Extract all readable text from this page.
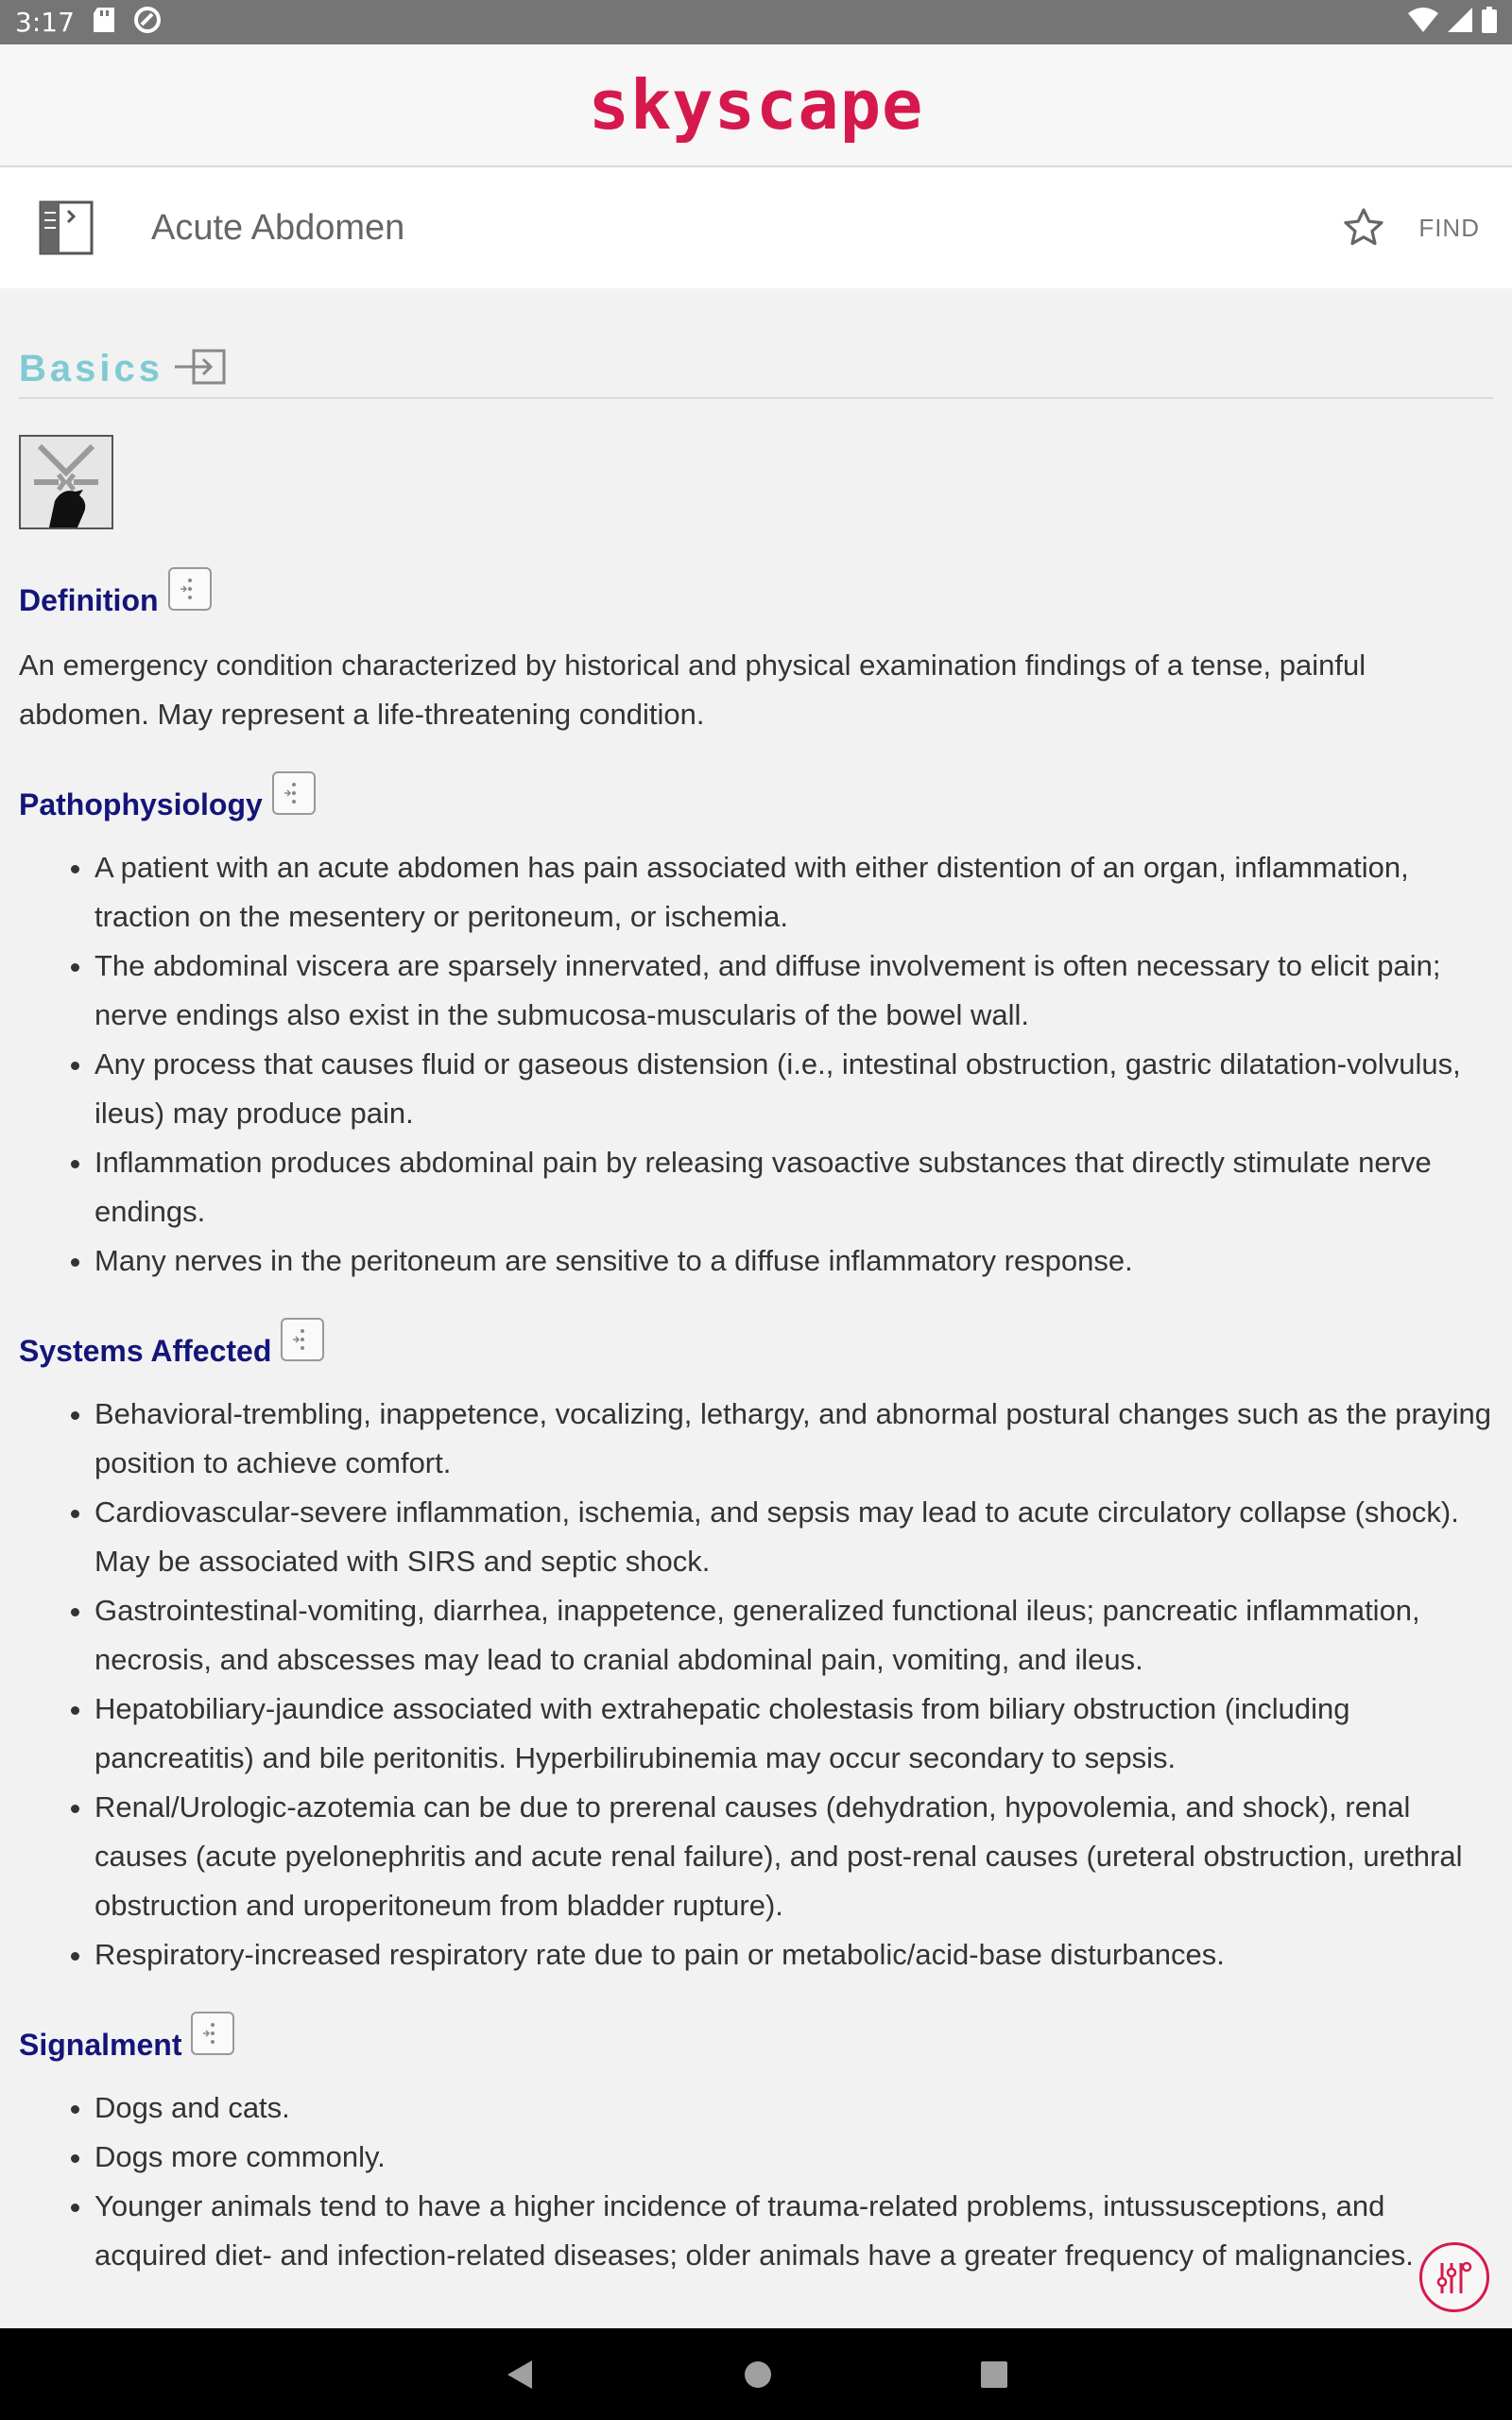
3:17
skyscape
Acute Abdomen	FIND
Basics
Definition

An emergency condition characterized by historical and physical examination findings of a tense, painful abdomen. May represent a life-threatening condition.

Pathophysiology
• A patient with an acute abdomen has pain associated with either distention of an organ, inflammation, traction on the mesentery or peritoneum, or ischemia.
• The abdominal viscera are sparsely innervated, and diffuse involvement is often necessary to elicit pain; nerve endings also exist in the submucosa-muscularis of the bowel wall.
• Any process that causes fluid or gaseous distension (i.e., intestinal obstruction, gastric dilatation-volvulus, ileus) may produce pain.
• Inflammation produces abdominal pain by releasing vasoactive substances that directly stimulate nerve endings.
• Many nerves in the peritoneum are sensitive to a diffuse inflammatory response.
Systems Affected
• Behavioral-trembling, inappetence, vocalizing, lethargy, and abnormal postural changes such as the praying position to achieve comfort.
• Cardiovascular-severe inflammation, ischemia, and sepsis may lead to acute circulatory collapse (shock). May be associated with SIRS and septic shock.
• Gastrointestinal-vomiting, diarrhea, inappetence, generalized functional ileus; pancreatic inflammation, necrosis, and abscesses may lead to cranial abdominal pain, vomiting, and ileus.
• Hepatobiliary-jaundice associated with extrahepatic cholestasis from biliary obstruction (including pancreatitis) and bile peritonitis. Hyperbilirubinemia may occur secondary to sepsis.
• Renal/Urologic-azotemia can be due to prerenal causes (dehydration, hypovolemia, and shock), renal causes (acute pyelonephritis and acute renal failure), and post-renal causes (ureteral obstruction, urethral obstruction and uroperitoneum from bladder rupture).
• Respiratory-increased respiratory rate due to pain or metabolic/acid-base disturbances.
Signalment
• Dogs and cats.
• Dogs more commonly.
• Younger animals tend to have a higher incidence of trauma-related problems, intussusceptions, and acquired diet- and infection-related diseases; older animals have a greater frequency of malignancies.
